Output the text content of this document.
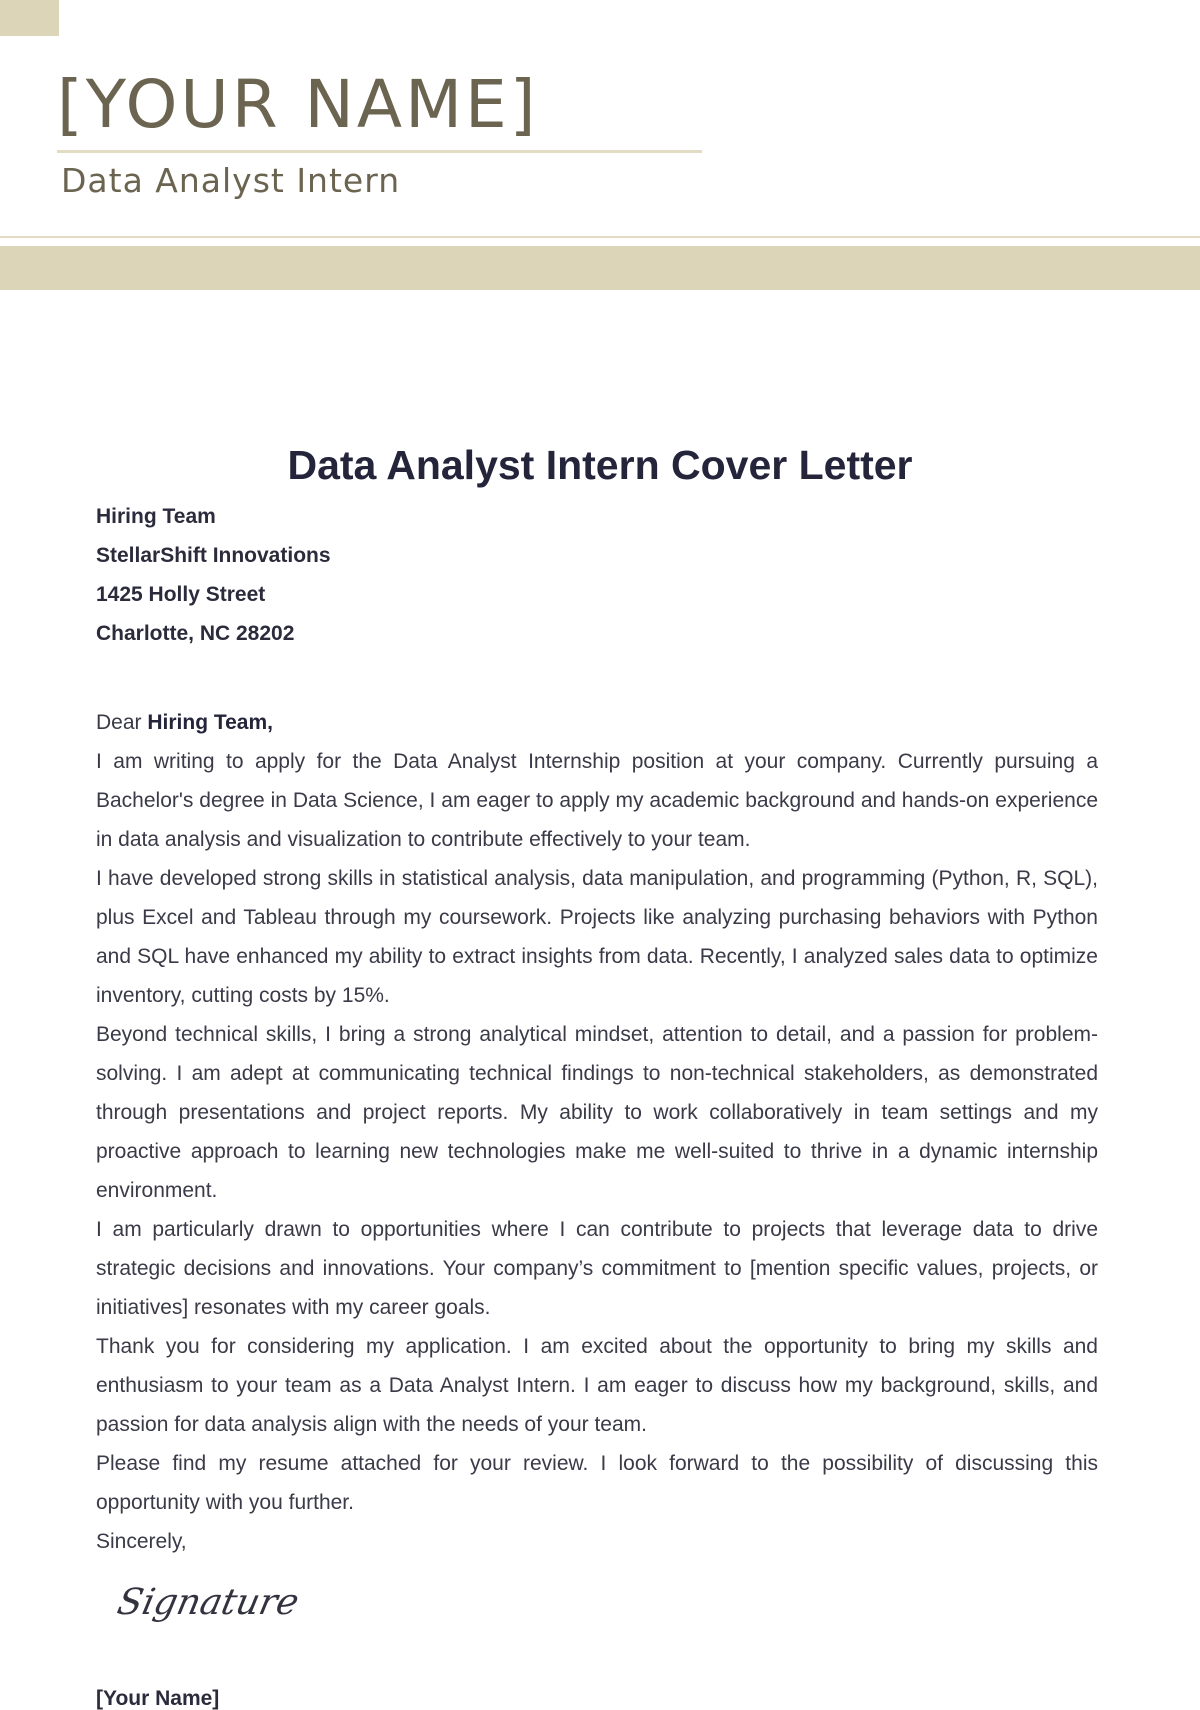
[YOUR NAME]
Data Analyst Intern
Data Analyst Intern Cover Letter
Hiring Team
StellarShift Innovations
1425 Holly Street
Charlotte, NC 28202

Dear Hiring Team,

I am writing to apply for the Data Analyst Internship position at your company. Currently pursuing a Bachelor's degree in Data Science, I am eager to apply my academic background and hands-on experience in data analysis and visualization to contribute effectively to your team.

I have developed strong skills in statistical analysis, data manipulation, and programming (Python, R, SQL), plus Excel and Tableau through my coursework. Projects like analyzing purchasing behaviors with Python and SQL have enhanced my ability to extract insights from data. Recently, I analyzed sales data to optimize inventory, cutting costs by 15%.

Beyond technical skills, I bring a strong analytical mindset, attention to detail, and a passion for problem-solving. I am adept at communicating technical findings to non-technical stakeholders, as demonstrated through presentations and project reports. My ability to work collaboratively in team settings and my proactive approach to learning new technologies make me well-suited to thrive in a dynamic internship environment.

I am particularly drawn to opportunities where I can contribute to projects that leverage data to drive strategic decisions and innovations. Your company’s commitment to [mention specific values, projects, or initiatives] resonates with my career goals.

Thank you for considering my application. I am excited about the opportunity to bring my skills and enthusiasm to your team as a Data Analyst Intern. I am eager to discuss how my background, skills, and passion for data analysis align with the needs of your team.

Please find my resume attached for your review. I look forward to the possibility of discussing this opportunity with you further.

Sincerely,

Signature
[Your Name]
